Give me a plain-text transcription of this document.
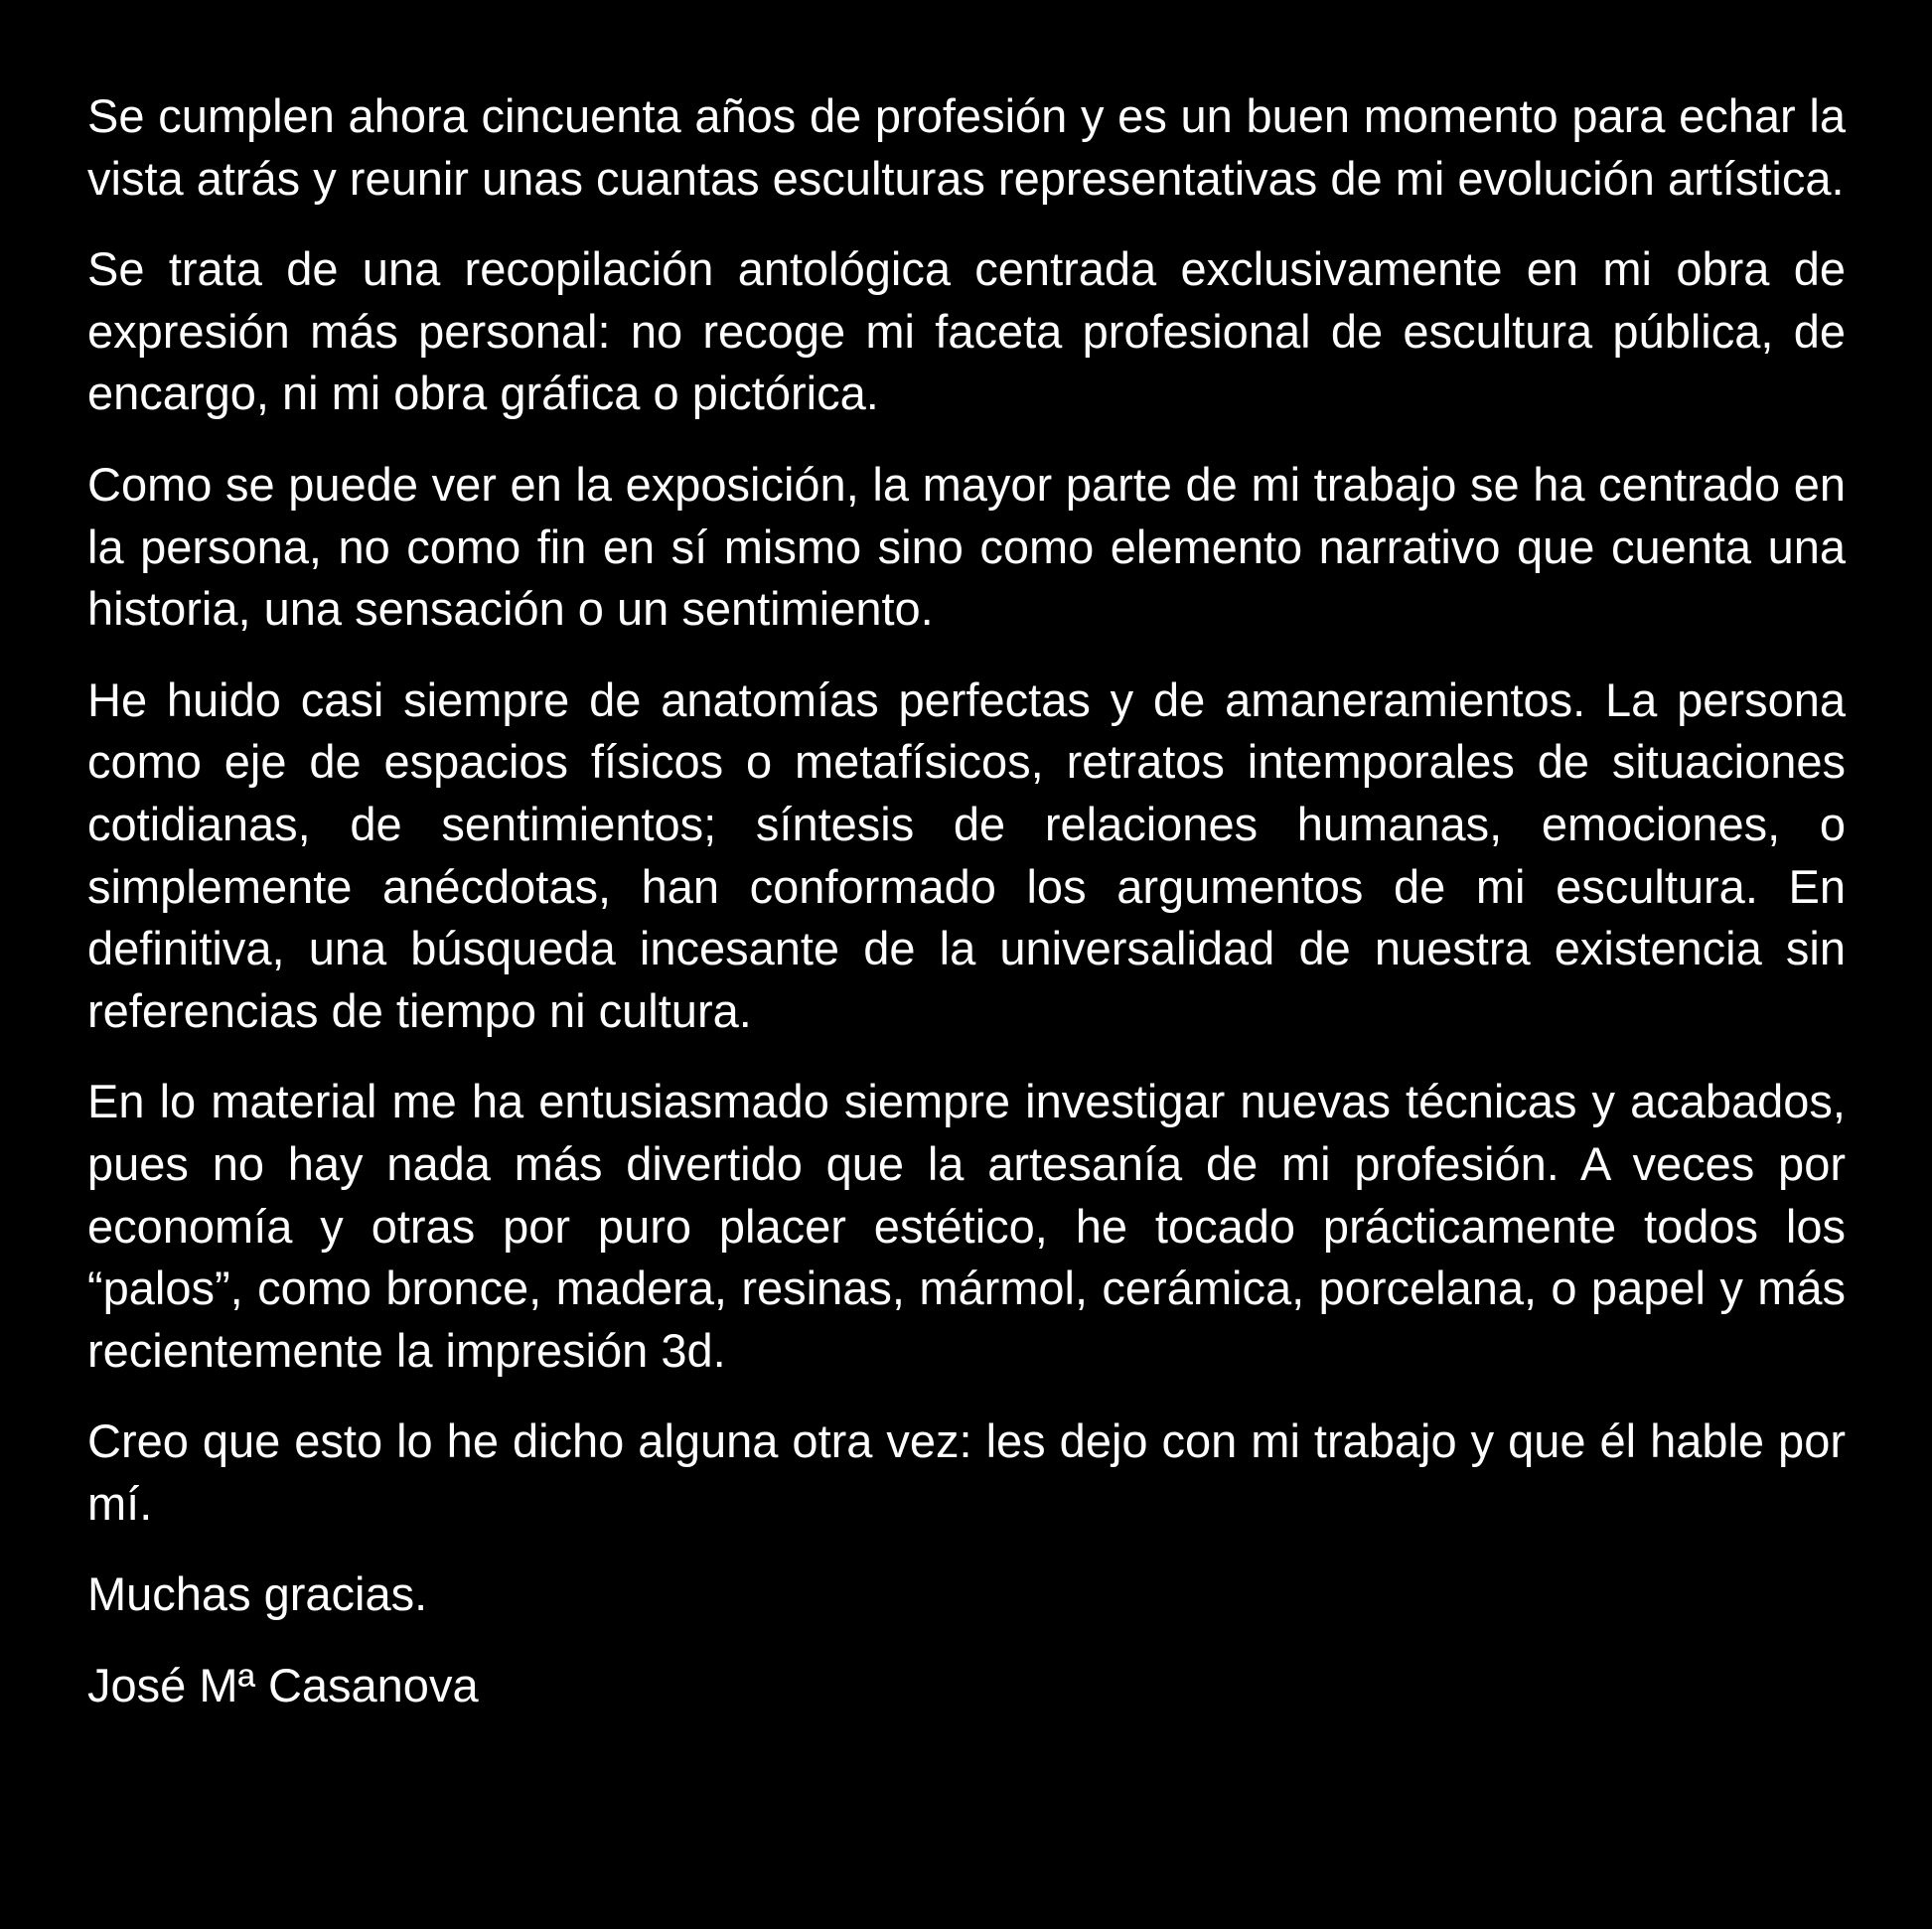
Se cumplen ahora cincuenta años de profesión y es un buen momento para echar la vista atrás y reunir unas cuantas esculturas representativas de mi evolución artística.

Se trata de una recopilación antológica centrada exclusivamente en mi obra de expresión más personal: no recoge mi faceta profesional de escultura pública, de encargo, ni mi obra gráfica o pictórica.

Como se puede ver en la exposición, la mayor parte de mi trabajo se ha centrado en la persona, no como fin en sí mismo sino como elemento narrativo que cuenta una historia, una sensación o un sentimiento.

He huido casi siempre de anatomías perfectas y de amaneramientos. La persona como eje de espacios físicos o metafísicos, retratos intemporales de situaciones cotidianas, de sentimientos; síntesis de relaciones humanas, emociones, o simplemente anécdotas, han conformado los argumentos de mi escultura. En definitiva, una búsqueda incesante de la universalidad de nuestra existencia sin referencias de tiempo ni cultura.

En lo material me ha entusiasmado siempre investigar nuevas técnicas y acabados, pues no hay nada más divertido que la artesanía de mi profesión. A veces por economía y otras por puro placer estético, he tocado prácticamente todos los “palos”, como bronce, madera, resinas, mármol, cerámica, porcelana, o papel y más recientemente la impresión 3d.

Creo que esto lo he dicho alguna otra vez: les dejo con mi trabajo y que él hable por mí.

Muchas gracias.

José Mª Casanova
